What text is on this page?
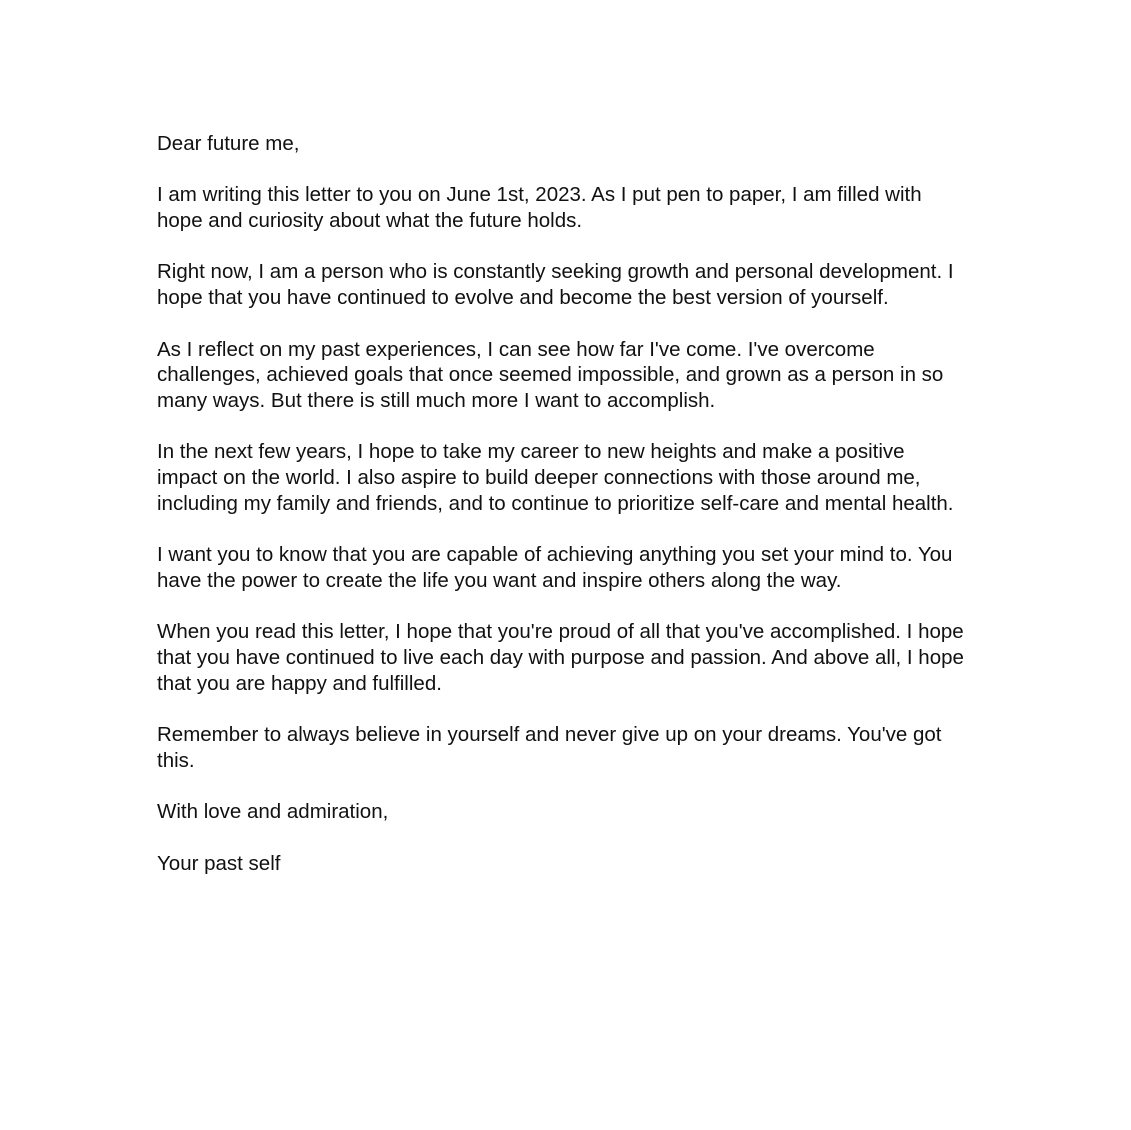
Dear future me,

I am writing this letter to you on June 1st, 2023. As I put pen to paper, I am filled with hope and curiosity about what the future holds.

Right now, I am a person who is constantly seeking growth and personal development. I hope that you have continued to evolve and become the best version of yourself.

As I reflect on my past experiences, I can see how far I've come. I've overcome challenges, achieved goals that once seemed impossible, and grown as a person in so many ways. But there is still much more I want to accomplish.

In the next few years, I hope to take my career to new heights and make a positive impact on the world. I also aspire to build deeper connections with those around me, including my family and friends, and to continue to prioritize self-care and mental health.

I want you to know that you are capable of achieving anything you set your mind to. You have the power to create the life you want and inspire others along the way.

When you read this letter, I hope that you're proud of all that you've accomplished. I hope that you have continued to live each day with purpose and passion. And above all, I hope that you are happy and fulfilled.

Remember to always believe in yourself and never give up on your dreams. You've got this.

With love and admiration,

Your past self
